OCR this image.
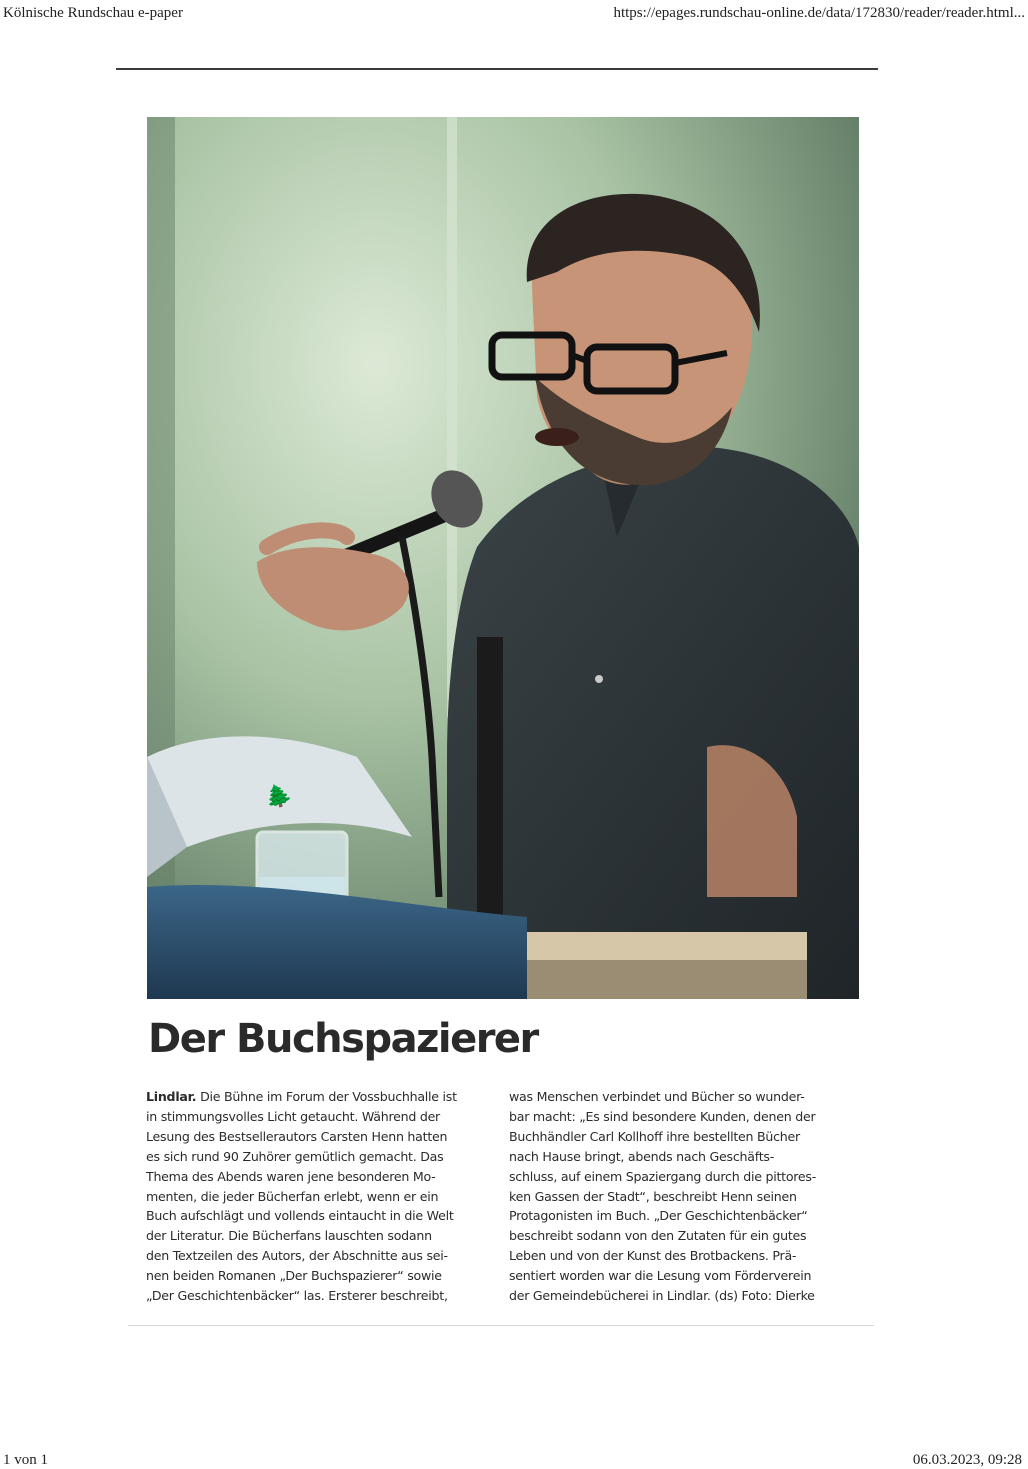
Kölnische Rundschau e-paper	https://epages.rundschau-online.de/data/172830/reader/reader.html...
🌲
Der Buchspazierer
Lindlar. Die Bühne im Forum der Vossbuchhalle ist
in stimmungsvolles Licht getaucht. Während der
Lesung des Bestsellerautors Carsten Henn hatten
es sich rund 90 Zuhörer gemütlich gemacht. Das
Thema des Abends waren jene besonderen Mo-
menten, die jeder Bücherfan erlebt, wenn er ein
Buch aufschlägt und vollends eintaucht in die Welt
der Literatur. Die Bücherfans lauschten sodann
den Textzeilen des Autors, der Abschnitte aus sei-
nen beiden Romanen „Der Buchspazierer“ sowie
„Der Geschichtenbäcker“ las. Ersterer beschreibt,
was Menschen verbindet und Bücher so wunder-
bar macht: „Es sind besondere Kunden, denen der
Buchhändler Carl Kollhoff ihre bestellten Bücher
nach Hause bringt, abends nach Geschäfts-
schluss, auf einem Spaziergang durch die pittores-
ken Gassen der Stadt“, beschreibt Henn seinen
Protagonisten im Buch. „Der Geschichtenbäcker“
beschreibt sodann von den Zutaten für ein gutes
Leben und von der Kunst des Brotbackens. Prä-
sentiert worden war die Lesung vom Förderverein
der Gemeindebücherei in Lindlar. (ds) Foto: Dierke
1 von 1	06.03.2023, 09:28
